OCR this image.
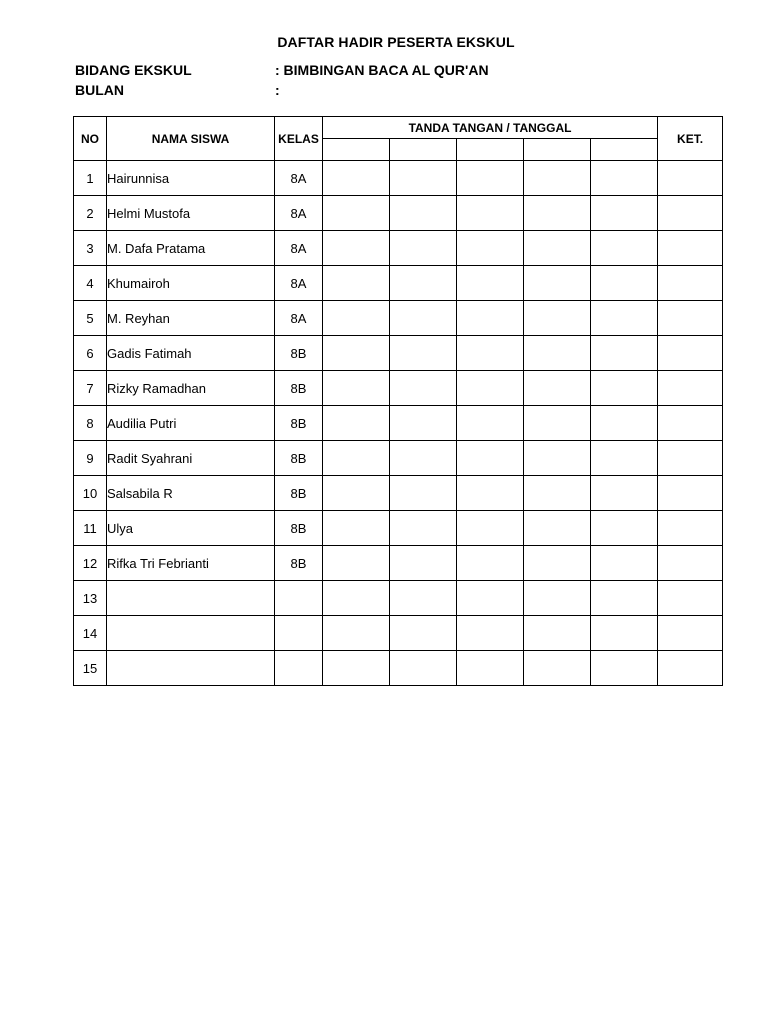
DAFTAR HADIR PESERTA EKSKUL
BIDANG EKSKUL	: BIMBINGAN BACA AL QUR'AN
BULAN	:
NO	NAMA SISWA	KELAS	TANDA TANGAN / TANGGAL					KET.

1	Hairunnisa	8A						
2	Helmi Mustofa	8A						
3	M. Dafa Pratama	8A						
4	Khumairoh	8A						
5	M. Reyhan	8A						
6	Gadis Fatimah	8B						
7	Rizky Ramadhan	8B						
8	Audilia Putri	8B						
9	Radit Syahrani	8B						
10	Salsabila R	8B						
11	Ulya	8B						
12	Rifka Tri Febrianti	8B						
13								
14								
15								
